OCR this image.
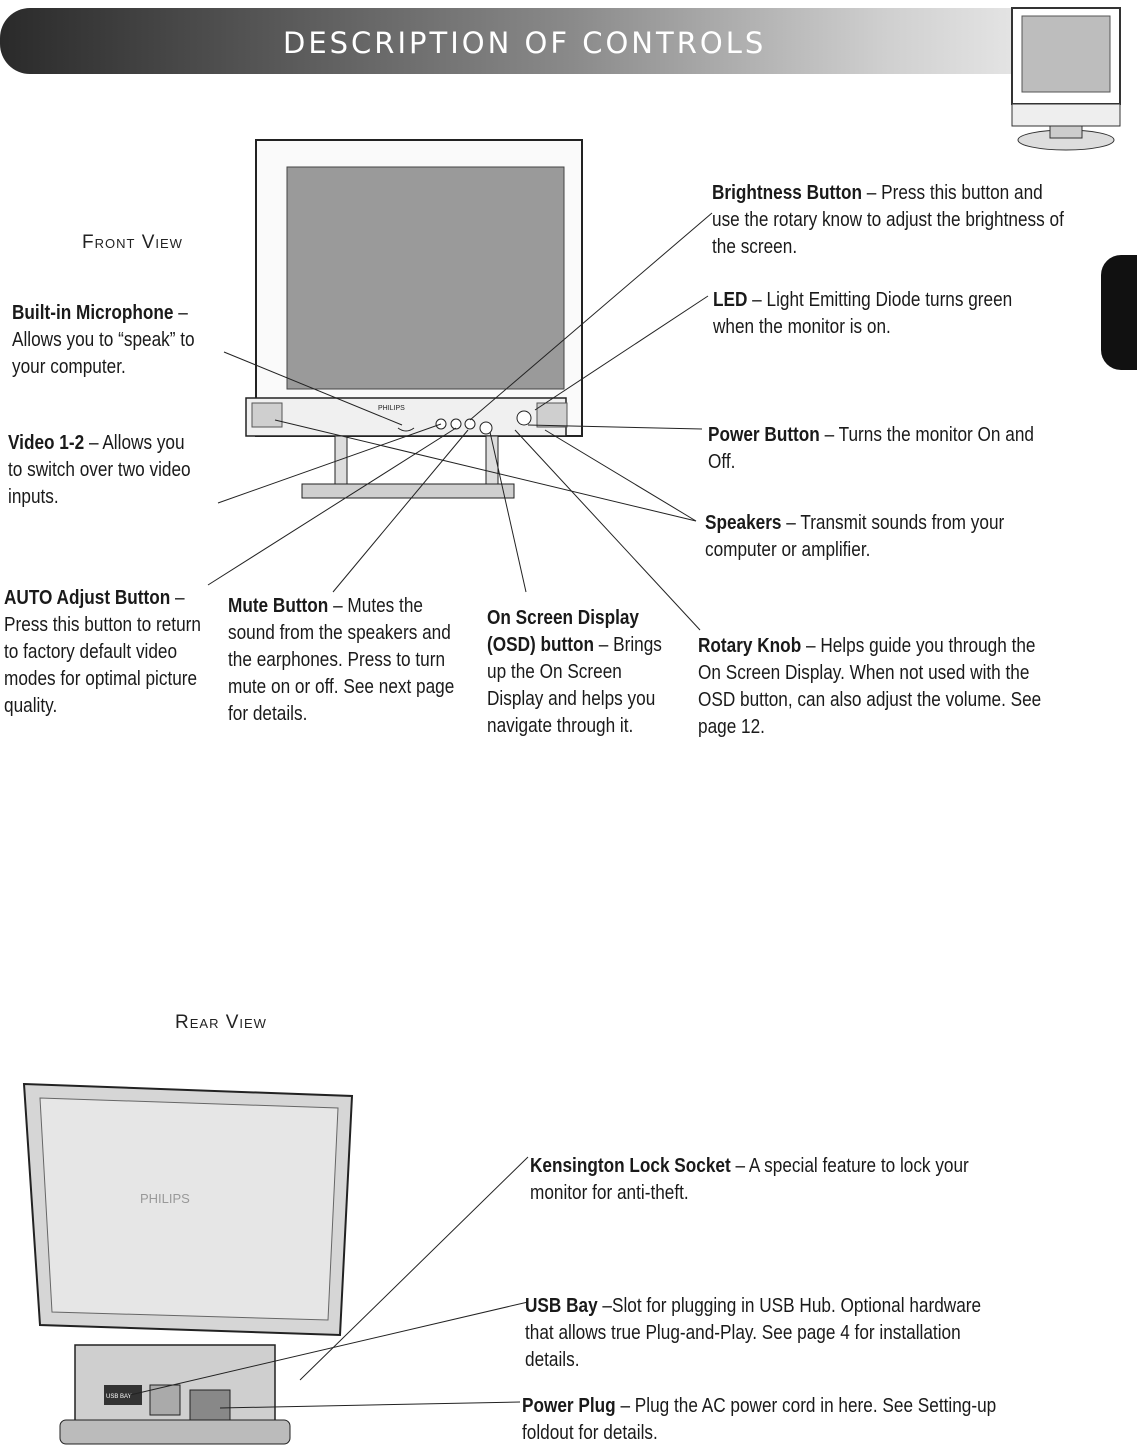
DESCRIPTION OF CONTROLS
PHILIPS
PHILIPS
USB BAY
Front View
Rear View
Brightness Button – Press this button and use the rotary know to adjust the brightness of the screen.
LED – Light Emitting Diode turns green when the monitor is on.
Built-in Microphone – Allows you to “speak” to your computer.
Video 1-2 – Allows you to switch over two video inputs.
Power Button – Turns the monitor On and Off.
Speakers – Transmit sounds from your computer or amplifier.
AUTO Adjust Button – Press this button to return to factory default video modes for optimal picture quality.
Mute Button – Mutes the sound from the speakers and the earphones. Press to turn mute on or off. See next page for details.
On Screen Display (OSD) button – Brings up the On Screen Display and helps you navigate through it.
Rotary Knob – Helps guide you through the On Screen Display. When not used with the OSD button, can also adjust the volume. See page 12.
Kensington Lock Socket – A special feature to lock your monitor for anti-theft.
USB Bay –Slot for plugging in USB Hub. Optional hardware that allows true Plug-and-Play. See page 4 for installation details.
Power Plug – Plug the AC power cord in here. See Setting-up foldout for details.
